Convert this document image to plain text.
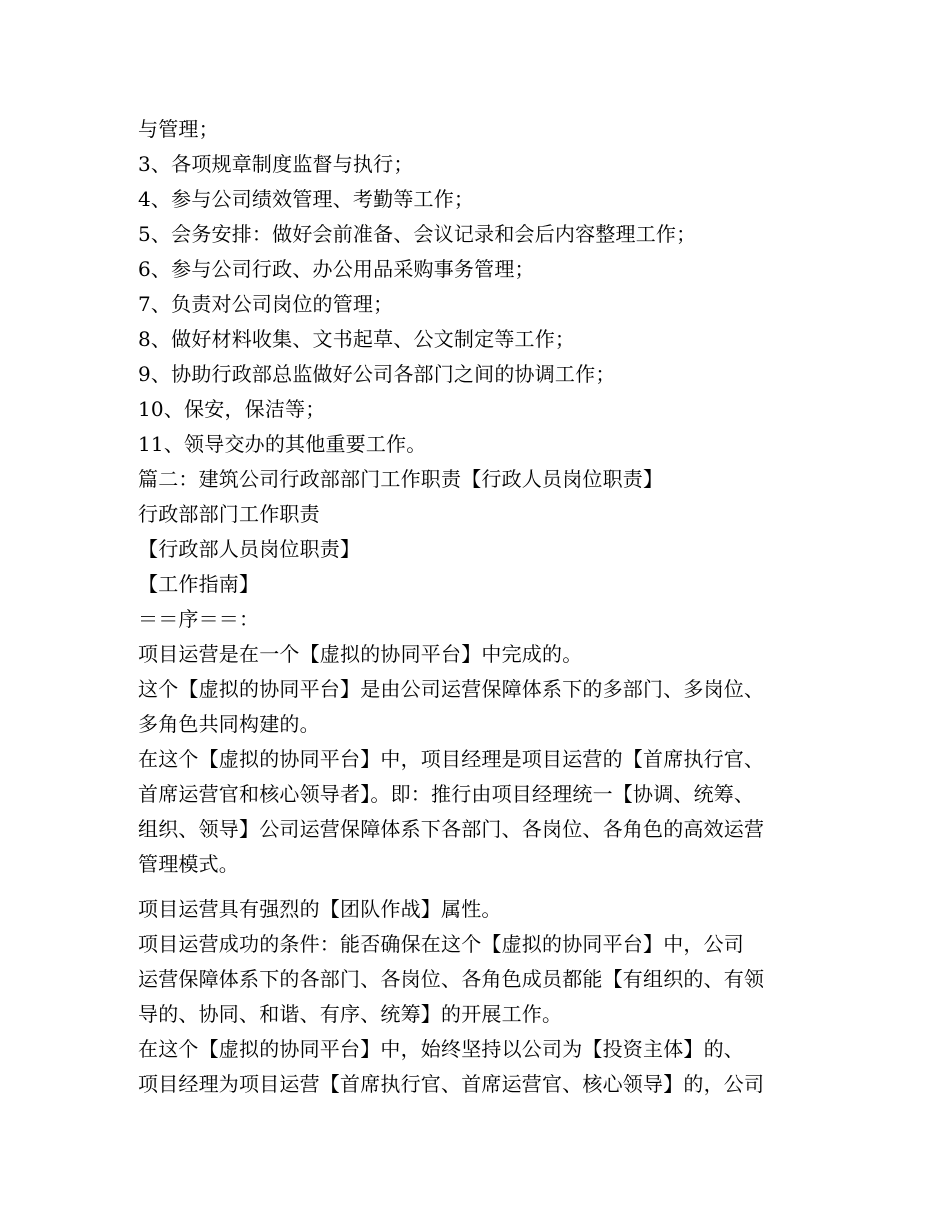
与管理；
3、各项规章制度监督与执行；
4、参与公司绩效管理、考勤等工作；
5、会务安排：做好会前准备、会议记录和会后内容整理工作；
6、参与公司行政、办公用品采购事务管理；
7、负责对公司岗位的管理；
8、做好材料收集、文书起草、公文制定等工作；
9、协助行政部总监做好公司各部门之间的协调工作；
10、保安，保洁等；
11、领导交办的其他重要工作。
篇二：建筑公司行政部部门工作职责【行政人员岗位职责】
行政部部门工作职责
【行政部人员岗位职责】
【工作指南】
＝＝序＝＝：
项目运营是在一个【虚拟的协同平台】中完成的。
这个【虚拟的协同平台】是由公司运营保障体系下的多部门、多岗位、
多角色共同构建的。
在这个【虚拟的协同平台】中，项目经理是项目运营的【首席执行官、
首席运营官和核心领导者】。即：推行由项目经理统一【协调、统筹、
组织、领导】公司运营保障体系下各部门、各岗位、各角色的高效运营
管理模式。
项目运营具有强烈的【团队作战】属性。
项目运营成功的条件：能否确保在这个【虚拟的协同平台】中，公司
运营保障体系下的各部门、各岗位、各角色成员都能【有组织的、有领
导的、协同、和谐、有序、统筹】的开展工作。
在这个【虚拟的协同平台】中，始终坚持以公司为【投资主体】的、
项目经理为项目运营【首席执行官、首席运营官、核心领导】的，公司
